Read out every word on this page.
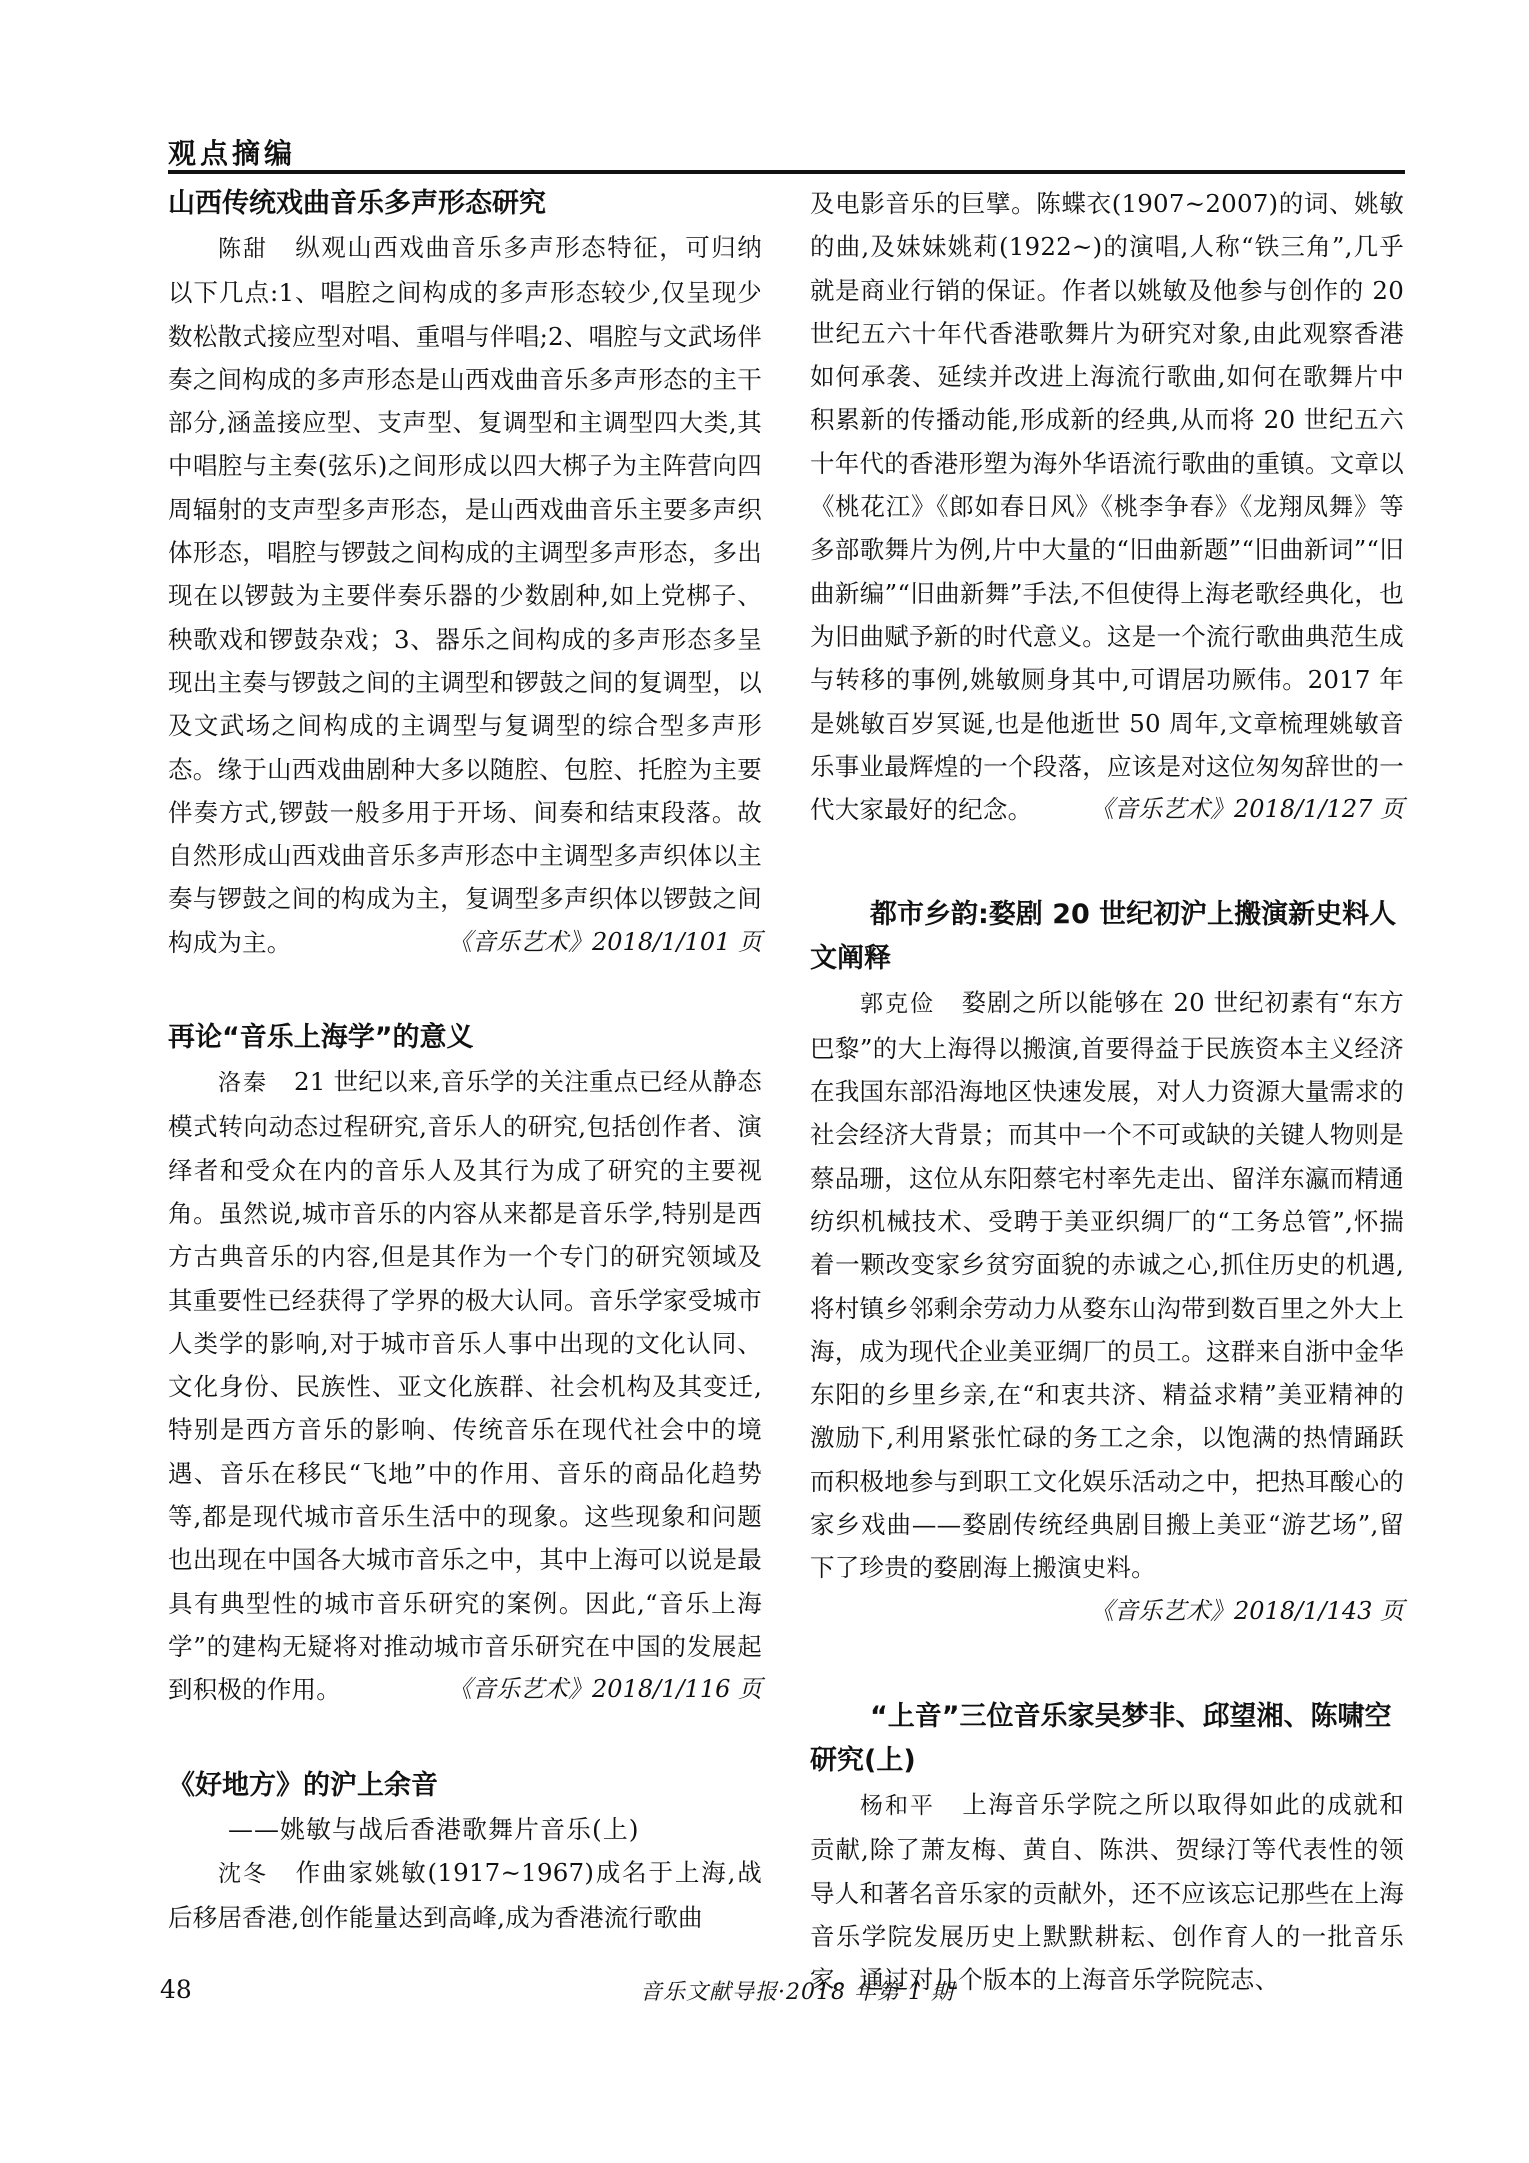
观点摘编
山西传统戏曲音乐多声形态研究

陈甜 纵观山西戏曲音乐多声形态特征，可归纳以下几点:1、唱腔之间构成的多声形态较少,仅呈现少数松散式接应型对唱、重唱与伴唱;2、唱腔与文武场伴奏之间构成的多声形态是山西戏曲音乐多声形态的主干部分,涵盖接应型、支声型、复调型和主调型四大类,其中唱腔与主奏(弦乐)之间形成以四大梆子为主阵营向四周辐射的支声型多声形态，是山西戏曲音乐主要多声织体形态，唱腔与锣鼓之间构成的主调型多声形态，多出现在以锣鼓为主要伴奏乐器的少数剧种,如上党梆子、秧歌戏和锣鼓杂戏；3、器乐之间构成的多声形态多呈现出主奏与锣鼓之间的主调型和锣鼓之间的复调型，以及文武场之间构成的主调型与复调型的综合型多声形态。缘于山西戏曲剧种大多以随腔、包腔、托腔为主要伴奏方式,锣鼓一般多用于开场、间奏和结束段落。故自然形成山西戏曲音乐多声形态中主调型多声织体以主奏与锣鼓之间的构成为主，复调型多声织体以锣鼓之间构成为主。	《音乐艺术》2018/1/101 页
再论“音乐上海学”的意义

洛秦 21 世纪以来,音乐学的关注重点已经从静态模式转向动态过程研究,音乐人的研究,包括创作者、演绎者和受众在内的音乐人及其行为成了研究的主要视角。虽然说,城市音乐的内容从来都是音乐学,特别是西方古典音乐的内容,但是其作为一个专门的研究领域及其重要性已经获得了学界的极大认同。音乐学家受城市人类学的影响,对于城市音乐人事中出现的文化认同、文化身份、民族性、亚文化族群、社会机构及其变迁,特别是西方音乐的影响、传统音乐在现代社会中的境遇、音乐在移民“飞地”中的作用、音乐的商品化趋势等,都是现代城市音乐生活中的现象。这些现象和问题也出现在中国各大城市音乐之中，其中上海可以说是最具有典型性的城市音乐研究的案例。因此,“音乐上海学”的建构无疑将对推动城市音乐研究在中国的发展起到积极的作用。	《音乐艺术》2018/1/116 页
《好地方》的沪上余音
——姚敏与战后香港歌舞片音乐(上)

沈冬 作曲家姚敏(1917~1967)成名于上海,战后移居香港,创作能量达到高峰,成为香港流行歌曲

及电影音乐的巨擘。陈蝶衣(1907~2007)的词、姚敏的曲,及妹妹姚莉(1922~)的演唱,人称“铁三角”,几乎就是商业行销的保证。作者以姚敏及他参与创作的 20 世纪五六十年代香港歌舞片为研究对象,由此观察香港如何承袭、延续并改进上海流行歌曲,如何在歌舞片中积累新的传播动能,形成新的经典,从而将 20 世纪五六十年代的香港形塑为海外华语流行歌曲的重镇。文章以《桃花江》《郎如春日风》《桃李争春》《龙翔凤舞》等多部歌舞片为例,片中大量的“旧曲新题”“旧曲新词”“旧曲新编”“旧曲新舞”手法,不但使得上海老歌经典化，也为旧曲赋予新的时代意义。这是一个流行歌曲典范生成与转移的事例,姚敏厕身其中,可谓居功厥伟。2017 年是姚敏百岁冥诞,也是他逝世 50 周年,文章梳理姚敏音乐事业最辉煌的一个段落，应该是对这位匆匆辞世的一代大家最好的纪念。	《音乐艺术》2018/1/127 页
都市乡韵:婺剧 20 世纪初沪上搬演新史料人文阐释

郭克俭 婺剧之所以能够在 20 世纪初素有“东方巴黎”的大上海得以搬演,首要得益于民族资本主义经济在我国东部沿海地区快速发展，对人力资源大量需求的社会经济大背景；而其中一个不可或缺的关键人物则是蔡品珊，这位从东阳蔡宅村率先走出、留洋东瀛而精通纺织机械技术、受聘于美亚织绸厂的“工务总管”,怀揣着一颗改变家乡贫穷面貌的赤诚之心,抓住历史的机遇,将村镇乡邻剩余劳动力从婺东山沟带到数百里之外大上海，成为现代企业美亚绸厂的员工。这群来自浙中金华东阳的乡里乡亲,在“和衷共济、精益求精”美亚精神的激励下,利用紧张忙碌的务工之余，以饱满的热情踊跃而积极地参与到职工文化娱乐活动之中，把热耳酸心的家乡戏曲——婺剧传统经典剧目搬上美亚“游艺场”,留下了珍贵的婺剧海上搬演史料。

《音乐艺术》2018/1/143 页
“上音”三位音乐家吴梦非、邱望湘、陈啸空研究(上)

杨和平 上海音乐学院之所以取得如此的成就和贡献,除了萧友梅、黄自、陈洪、贺绿汀等代表性的领导人和著名音乐家的贡献外，还不应该忘记那些在上海音乐学院发展历史上默默耕耘、创作育人的一批音乐家。通过对几个版本的上海音乐学院院志、

48	音乐文献导报·2018 年第 1 期
